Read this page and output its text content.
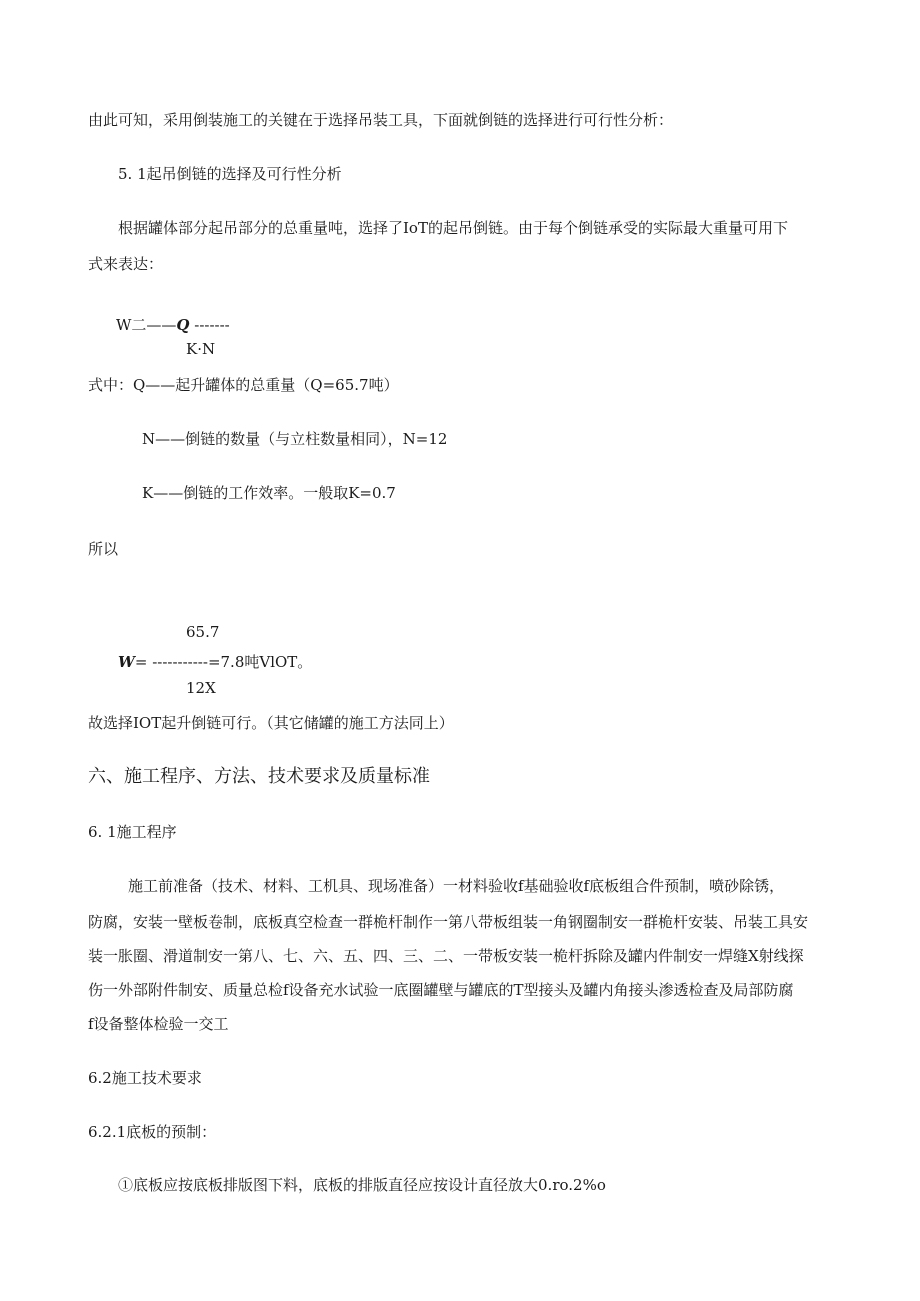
由此可知，采用倒装施工的关键在于选择吊装工具，下面就倒链的选择进行可行性分析：
5. 1起吊倒链的选择及可行性分析
根据罐体部分起吊部分的总重量吨，选择了IoT的起吊倒链。由于每个倒链承受的实际最大重量可用下
式来表达：
W二——Q -------
K·N
式中：Q——起升罐体的总重量（Q=65.7吨）
N——倒链的数量（与立柱数量相同），N=12
K——倒链的工作效率。一般取K=0.7
所以
65.7
W= -----------=7.8吨VlOT。
12X
故选择IOT起升倒链可行。（其它储罐的施工方法同上）
六、施工程序、方法、技术要求及质量标准
6. 1施工程序
施工前准备（技术、材料、工机具、现场准备）一材料验收f基础验收f底板组合件预制，喷砂除锈，
防腐，安装一壁板卷制，底板真空检查一群桅杆制作一第八带板组装一角钢圈制安一群桅杆安装、吊装工具安
装一胀圈、滑道制安一第八、七、六、五、四、三、二、一带板安装一桅杆拆除及罐内件制安一焊缝X射线探
伤一外部附件制安、质量总检f设备充水试验一底圈罐壁与罐底的T型接头及罐内角接头渗透检查及局部防腐
f设备整体检验一交工
6.2施工技术要求
6.2.1底板的预制：
①底板应按底板排版图下料，底板的排版直径应按设计直径放大0.ro.2%o
